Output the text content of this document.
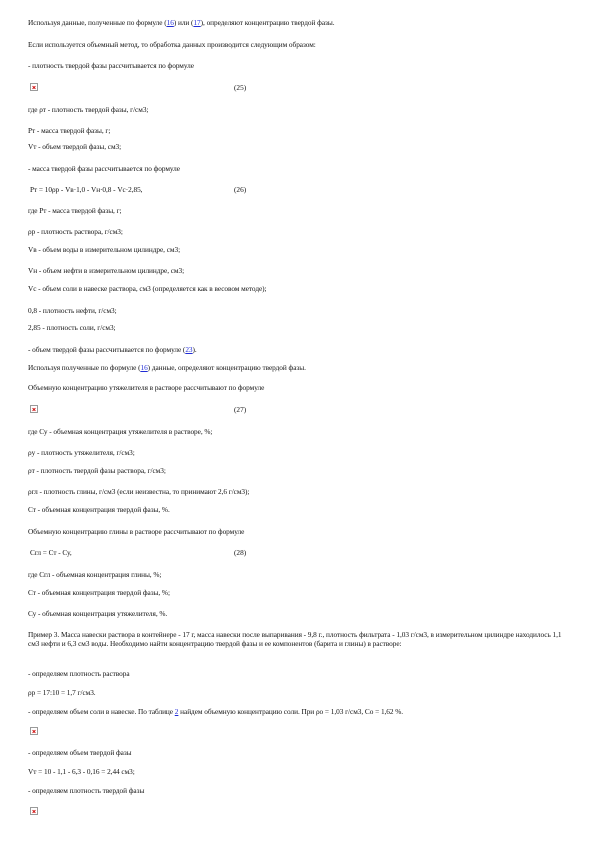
Используя данные, полученные по формуле (16) или (17), определяют концентрацию твердой фазы.
Если используется объемный метод, то обработка данных производится следующим образом:
- плотность твердой фазы рассчитывается по формуле
(25)
где ρт - плотность твердой фазы, г/см3;
Рт - масса твердой фазы, г;
Vт - объем твердой фазы, см3;
- масса твердой фазы рассчитывается по формуле
Pт = 10ρр - Vв·1,0 - Vн·0,8 - Vс·2,85,	(26)
где Рт - масса твердой фазы, г;
ρр - плотность раствора, г/см3;
Vв - объем воды в измерительном цилиндре, см3;
Vн - объем нефти в измерительном цилиндре, см3;
Vс - объем соли в навеске раствора, см3 (определяется как в весовом методе);
0,8 - плотность нефти, г/см3;
2,85 - плотность соли, г/см3;
- объем твердой фазы рассчитывается по формуле (23).
Используя полученные по формуле (16) данные, определяют концентрацию твердой фазы.
Объемную концентрацию утяжелителя в растворе рассчитывают по формуле
(27)
где Су - объемная концентрация утяжелителя в растворе, %;
ρу - плотность утяжелителя, г/см3;
ρт - плотность твердой фазы раствора, г/см3;
ρгл - плотность глины, г/см3 (если неизвестна, то принимают 2,6 г/см3);
Ст - объемная концентрация твердой фазы, %.
Объемную концентрацию глины в растворе рассчитывают по формуле
Сгл = Ст - Су,	(28)
где Сгл - объемная концентрация глины, %;
Ст - объемная концентрация твердой фазы, %;
Су - объемная концентрация утяжелителя, %.
Пример 3. Масса навески раствора в контейнере - 17 г, масса навески после выпаривания - 9,8 г., плотность фильтрата - 1,03 г/см3, в измерительном цилиндре находилось 1,1 см3 нефти и 6,3 см3 воды. Необходимо найти концентрацию твердой фазы и ее компонентов (барита и глины) в растворе:
- определяем плотность раствора
ρр = 17:10 = 1,7 г/см3.
- определяем объем соли в навеске. По таблице 2 найдем объемную концентрацию соли. При ρо = 1,03 г/см3, Со = 1,62 %.
- определяем объем твердой фазы
Vт = 10 - 1,1 - 6,3 - 0,16 = 2,44 см3;
- определяем плотность твердой фазы
